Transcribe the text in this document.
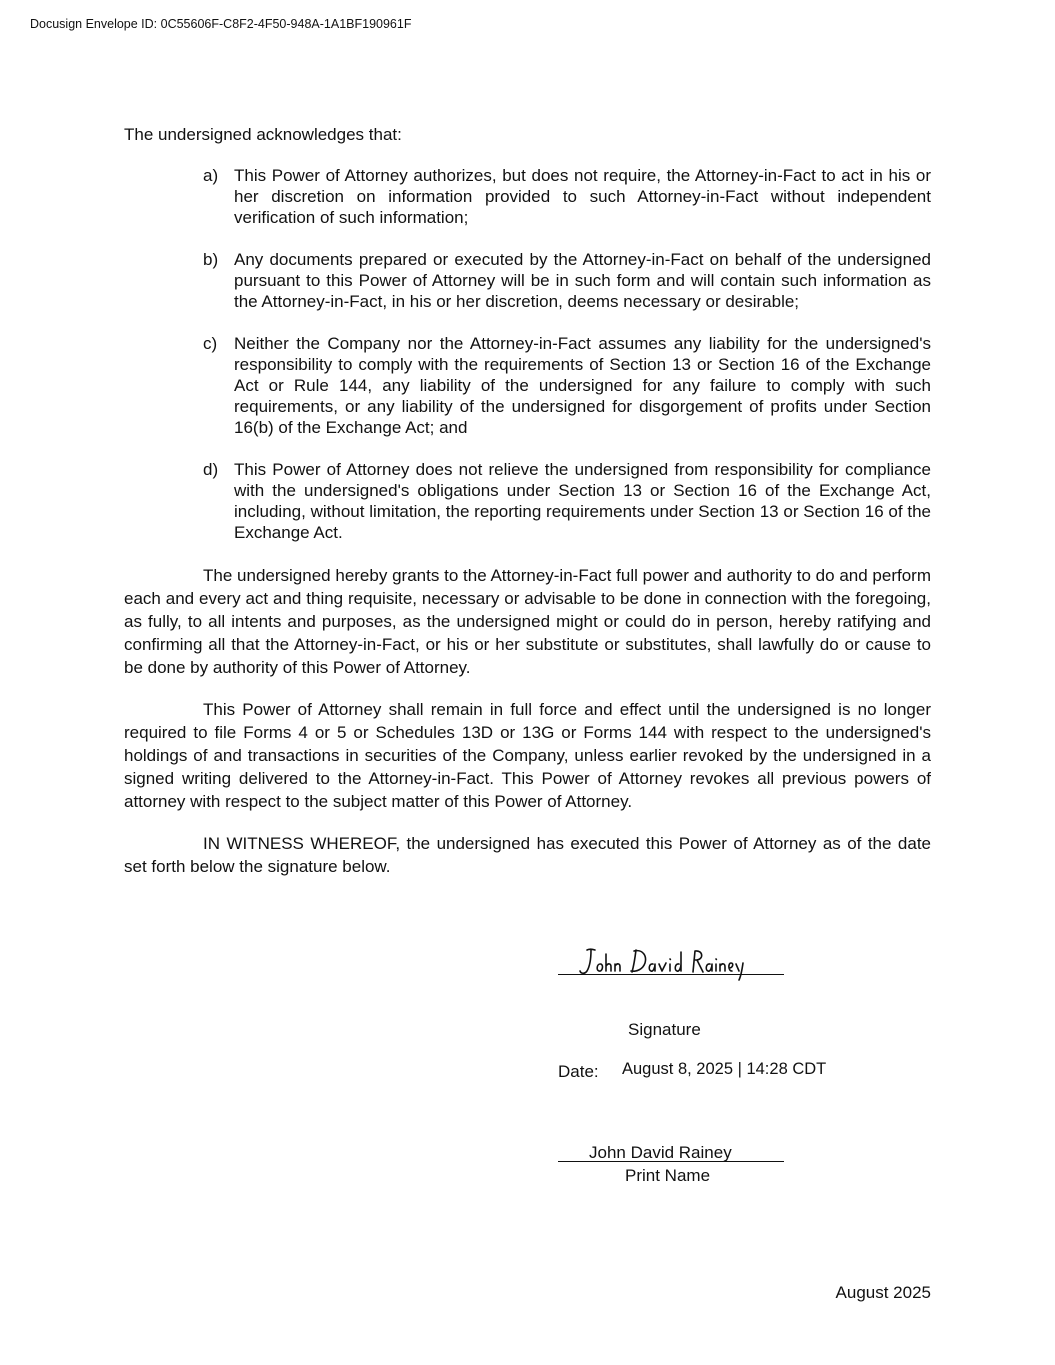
Docusign Envelope ID: 0C55606F-C8F2-4F50-948A-1A1BF190961F

The undersigned acknowledges that:

a) This Power of Attorney authorizes, but does not require, the Attorney-in-Fact to act in his or her discretion on information provided to such Attorney-in-Fact without independent verification of such information;
b) Any documents prepared or executed by the Attorney-in-Fact on behalf of the undersigned pursuant to this Power of Attorney will be in such form and will contain such information as the Attorney-in-Fact, in his or her discretion, deems necessary or desirable;
c) Neither the Company nor the Attorney-in-Fact assumes any liability for the undersigned's responsibility to comply with the requirements of Section 13 or Section 16 of the Exchange Act or Rule 144, any liability of the undersigned for any failure to comply with such requirements, or any liability of the undersigned for disgorgement of profits under Section 16(b) of the Exchange Act; and
d) This Power of Attorney does not relieve the undersigned from responsibility for compliance with the undersigned's obligations under Section 13 or Section 16 of the Exchange Act, including, without limitation, the reporting requirements under Section 13 or Section 16 of the Exchange Act.

The undersigned hereby grants to the Attorney-in-Fact full power and authority to do and perform each and every act and thing requisite, necessary or advisable to be done in connection with the foregoing, as fully, to all intents and purposes, as the undersigned might or could do in person, hereby ratifying and confirming all that the Attorney-in-Fact, or his or her substitute or substitutes, shall lawfully do or cause to be done by authority of this Power of Attorney.

This Power of Attorney shall remain in full force and effect until the undersigned is no longer required to file Forms 4 or 5 or Schedules 13D or 13G or Forms 144 with respect to the undersigned's holdings of and transactions in securities of the Company, unless earlier revoked by the undersigned in a signed writing delivered to the Attorney-in-Fact. This Power of Attorney revokes all previous powers of attorney with respect to the subject matter of this Power of Attorney.

IN WITNESS WHEREOF, the undersigned has executed this Power of Attorney as of the date set forth below the signature below.

Signature
Date: August 8, 2025 | 14:28 CDT
John David Rainey
Print Name
August 2025
